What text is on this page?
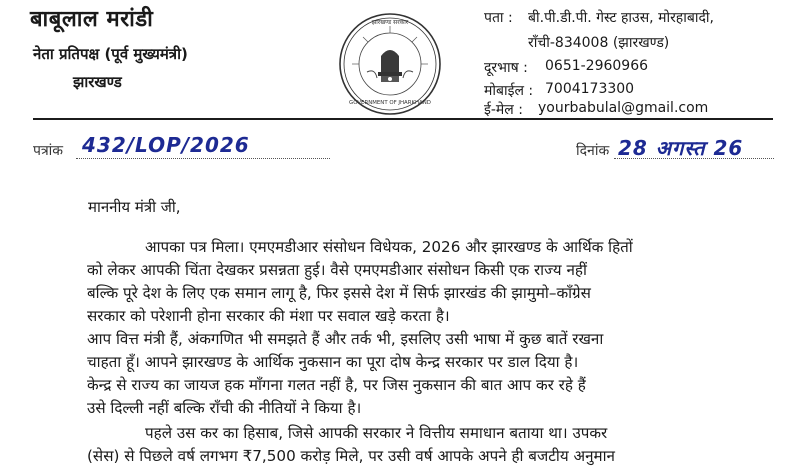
बाबूलाल मरांडी
नेता प्रतिपक्ष (पूर्व मुख्यमंत्री)
झारखण्ड
GOVERNMENT OF JHARKHAND
झारखण्ड सरकार	पता : बी.पी.डी.पी. गेस्ट हाउस, मोरहाबादी,
राँची-834008 (झारखण्ड)
दूरभाष : 0651-2960966
मोबाईल : 7004173300
ई-मेल : yourbabulal@gmail.com
पत्रांक 432/LOP/2026	दिनांक 28 अगस्त 26
माननीय मंत्री जी,
आपका पत्र मिला। एमएमडीआर संसोधन विधेयक, 2026 और झारखण्ड के आर्थिक हितों
को लेकर आपकी चिंता देखकर प्रसन्नता हुई। वैसे एमएमडीआर संसोधन किसी एक राज्य नहीं
बल्कि पूरे देश के लिए एक समान लागू है, फिर इससे देश में सिर्फ झारखंड की झामुमो–कॉंग्रेस
सरकार को परेशानी होना सरकार की मंशा पर सवाल खड़े करता है।
आप वित्त मंत्री हैं, अंकगणित भी समझते हैं और तर्क भी, इसलिए उसी भाषा में कुछ बातें रखना
चाहता हूँ। आपने झारखण्ड के आर्थिक नुकसान का पूरा दोष केन्द्र सरकार पर डाल दिया है।
केन्द्र से राज्य का जायज हक मॉंगना गलत नहीं है, पर जिस नुकसान की बात आप कर रहे हैं
उसे दिल्ली नहीं बल्कि रॉंची की नीतियों ने किया है।
पहले उस कर का हिसाब, जिसे आपकी सरकार ने वित्तीय समाधान बताया था। उपकर
(सेस) से पिछले वर्ष लगभग ₹7,500 करोड़ मिले, पर उसी वर्ष आपके अपने ही बजटीय अनुमान
